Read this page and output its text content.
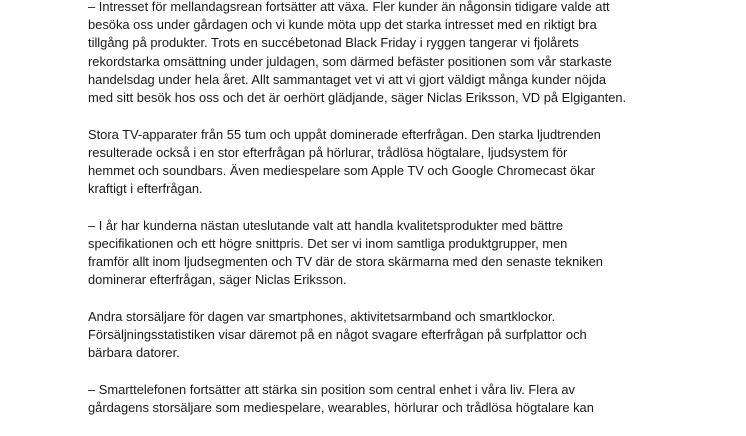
– Intresset för mellandagsrean fortsätter att växa. Fler kunder än någonsin tidigare valde att
besöka oss under gårdagen och vi kunde möta upp det starka intresset med en riktigt bra
tillgång på produkter. Trots en succébetonad Black Friday i ryggen tangerar vi fjolårets
rekordstarka omsättning under juldagen, som därmed befäster positionen som vår starkaste
handelsdag under hela året. Allt sammantaget vet vi att vi gjort väldigt många kunder nöjda
med sitt besök hos oss och det är oerhört glädjande, säger Niclas Eriksson, VD på Elgiganten.

Stora TV-apparater från 55 tum och uppåt dominerade efterfrågan. Den starka ljudtrenden
resulterade också i en stor efterfrågan på hörlurar, trådlösa högtalare, ljudsystem för
hemmet och soundbars. Även mediespelare som Apple TV och Google Chromecast ökar
kraftigt i efterfrågan.

– I år har kunderna nästan uteslutande valt att handla kvalitetsprodukter med bättre
specifikationen och ett högre snittpris. Det ser vi inom samtliga produktgrupper, men
framför allt inom ljudsegmenten och TV där de stora skärmarna med den senaste tekniken
dominerar efterfrågan, säger Niclas Eriksson.

Andra storsäljare för dagen var smartphones, aktivitetsarmband och smartklockor.
Försäljningsstatistiken visar däremot på en något svagare efterfrågan på surfplattor och
bärbara datorer.

– Smarttelefonen fortsätter att stärka sin position som central enhet i våra liv. Flera av
gårdagens storsäljare som mediespelare, wearables, hörlurar och trådlösa högtalare kan
